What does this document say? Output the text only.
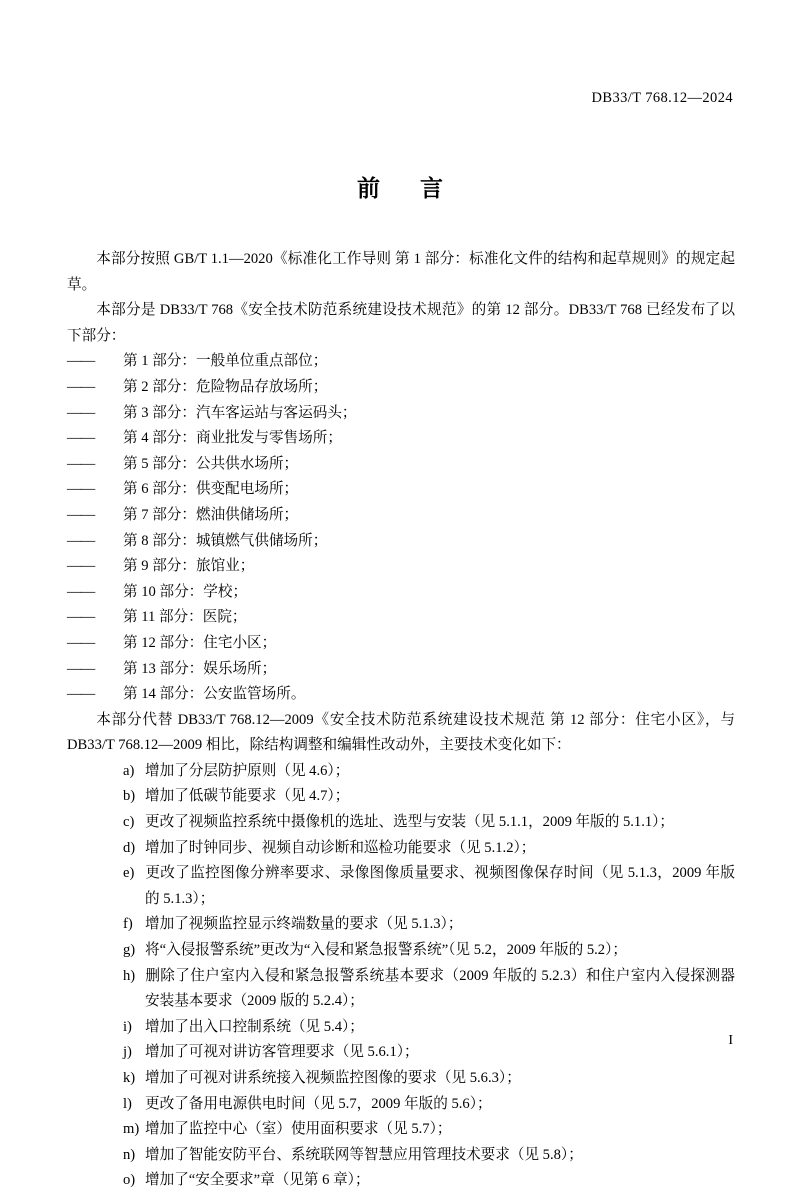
DB33/T 768.12—2024
前 言

本部分按照 GB/T 1.1—2020《标准化工作导则 第 1 部分：标准化文件的结构和起草规则》的规定起草。

本部分是 DB33/T 768《安全技术防范系统建设技术规范》的第 12 部分。DB33/T 768 已经发布了以下部分：

—— 第 1 部分：一般单位重点部位；
—— 第 2 部分：危险物品存放场所；
—— 第 3 部分：汽车客运站与客运码头；
—— 第 4 部分：商业批发与零售场所；
—— 第 5 部分：公共供水场所；
—— 第 6 部分：供变配电场所；
—— 第 7 部分：燃油供储场所；
—— 第 8 部分：城镇燃气供储场所；
—— 第 9 部分：旅馆业；
—— 第 10 部分：学校；
—— 第 11 部分：医院；
—— 第 12 部分：住宅小区；
—— 第 13 部分：娱乐场所；
—— 第 14 部分：公安监管场所。

本部分代替 DB33/T 768.12—2009《安全技术防范系统建设技术规范 第 12 部分：住宅小区》，与 DB33/T 768.12—2009 相比，除结构调整和编辑性改动外，主要技术变化如下：

a) 增加了分层防护原则（见 4.6）；
b) 增加了低碳节能要求（见 4.7）；
c) 更改了视频监控系统中摄像机的选址、选型与安装（见 5.1.1，2009 年版的 5.1.1）；
d) 增加了时钟同步、视频自动诊断和巡检功能要求（见 5.1.2）；
e) 更改了监控图像分辨率要求、录像图像质量要求、视频图像保存时间（见 5.1.3，2009 年版的 5.1.3）；
f) 增加了视频监控显示终端数量的要求（见 5.1.3）；
g) 将“入侵报警系统”更改为“入侵和紧急报警系统”（见 5.2，2009 年版的 5.2）；
h) 删除了住户室内入侵和紧急报警系统基本要求（2009 年版的 5.2.3）和住户室内入侵探测器安装基本要求（2009 版的 5.2.4）；
i) 增加了出入口控制系统（见 5.4）；
j) 增加了可视对讲访客管理要求（见 5.6.1）；
k) 增加了可视对讲系统接入视频监控图像的要求（见 5.6.3）；
l) 更改了备用电源供电时间（见 5.7，2009 年版的 5.6）；
m) 增加了监控中心（室）使用面积要求（见 5.7）；
n) 增加了智能安防平台、系统联网等智慧应用管理技术要求（见 5.8）；
o) 增加了“安全要求”章（见第 6 章）；
I
